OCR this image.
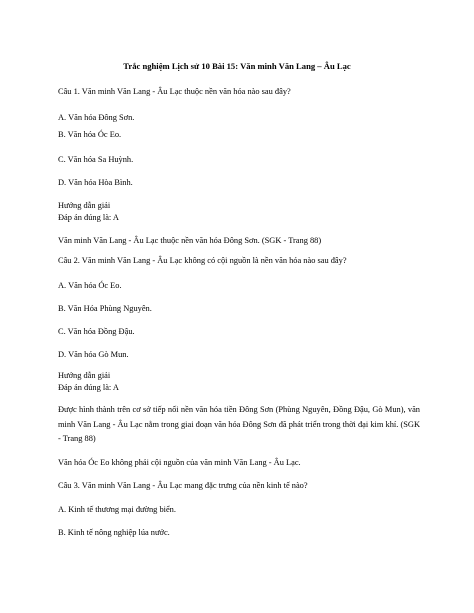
Trắc nghiệm Lịch sử 10 Bài 15: Văn minh Văn Lang – Âu Lạc
Câu 1. Văn minh Văn Lang - Âu Lạc thuộc nền văn hóa nào sau đây?
A. Văn hóa Đông Sơn.
B. Văn hóa Óc Eo.
C. Văn hóa Sa Huỳnh.
D. Văn hóa Hòa Bình.
Hướng dẫn giải
Đáp án đúng là: A
Văn minh Văn Lang - Âu Lạc thuộc nền văn hóa Đông Sơn. (SGK - Trang 88)
Câu 2. Văn minh Văn Lang - Âu Lạc không có cội nguồn là nền văn hóa nào sau đây?
A. Văn hóa Óc Eo.
B. Văn Hóa Phùng Nguyên.
C. Văn hóa Đồng Đậu.
D. Văn hóa Gò Mun.
Hướng dẫn giải
Đáp án đúng là: A
Được hình thành trên cơ sở tiếp nối nền văn hóa tiền Đông Sơn (Phùng Nguyên, Đồng Đậu, Gò Mun), văn minh Văn Lang - Âu Lạc nằm trong giai đoạn văn hóa Đông Sơn đã phát triển trong thời đại kim khí. (SGK - Trang 88)
Văn hóa Óc Eo không phải cội nguồn của văn minh Văn Lang - Âu Lạc.
Câu 3. Văn minh Văn Lang - Âu Lạc mang đặc trưng của nền kinh tế nào?
A. Kinh tế thương mại đường biển.
B. Kinh tế nông nghiệp lúa nước.
